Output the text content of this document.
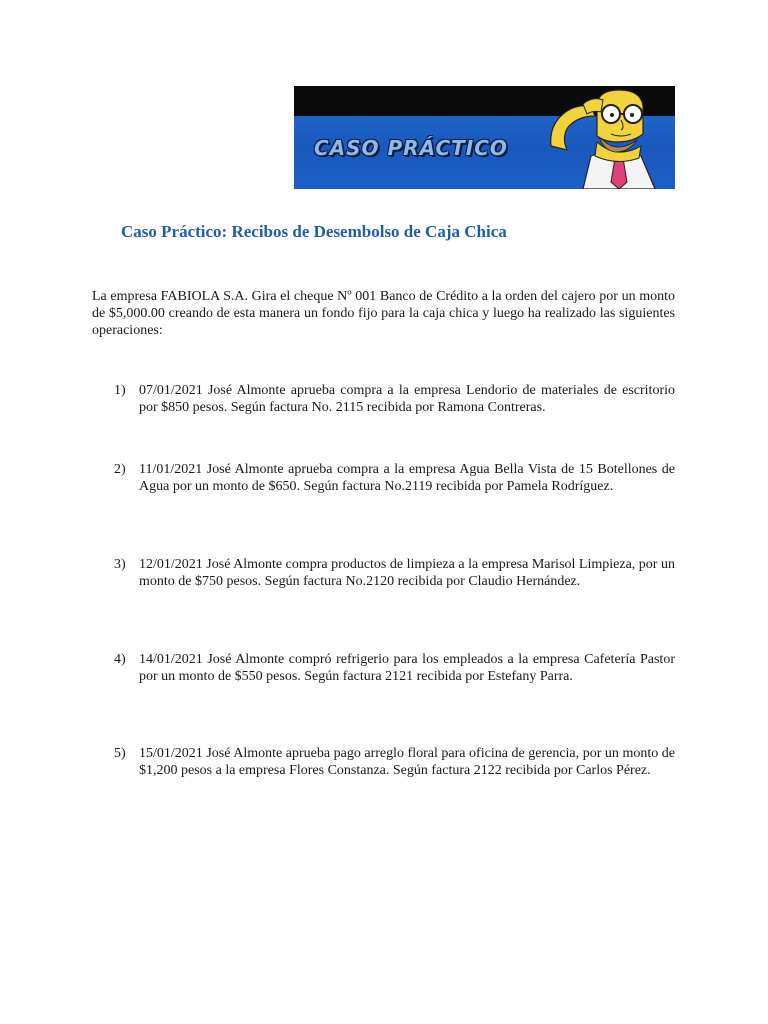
CASO PRÁCTICO
Caso Práctico: Recibos de Desembolso de Caja Chica

La empresa FABIOLA S.A. Gira el cheque Nº 001 Banco de Crédito a la orden del cajero por un monto de $5,000.00 creando de esta manera un fondo fijo para la caja chica y luego ha realizado las siguientes operaciones:

1) 07/01/2021 José Almonte aprueba compra a la empresa Lendorio de materiales de escritorio por $850 pesos. Según factura No. 2115 recibida por Ramona Contreras.
2) 11/01/2021 José Almonte aprueba compra a la empresa Agua Bella Vista de 15 Botellones de Agua por un monto de $650. Según factura No.2119 recibida por Pamela Rodríguez.
3) 12/01/2021 José Almonte compra productos de limpieza a la empresa Marisol Limpieza, por un monto de $750 pesos. Según factura No.2120 recibida por Claudio Hernández.
4) 14/01/2021 José Almonte compró refrigerio para los empleados a la empresa Cafetería Pastor por un monto de $550 pesos. Según factura 2121 recibida por Estefany Parra.
5) 15/01/2021 José Almonte aprueba pago arreglo floral para oficina de gerencia, por un monto de $1,200 pesos a la empresa Flores Constanza. Según factura 2122 recibida por Carlos Pérez.
